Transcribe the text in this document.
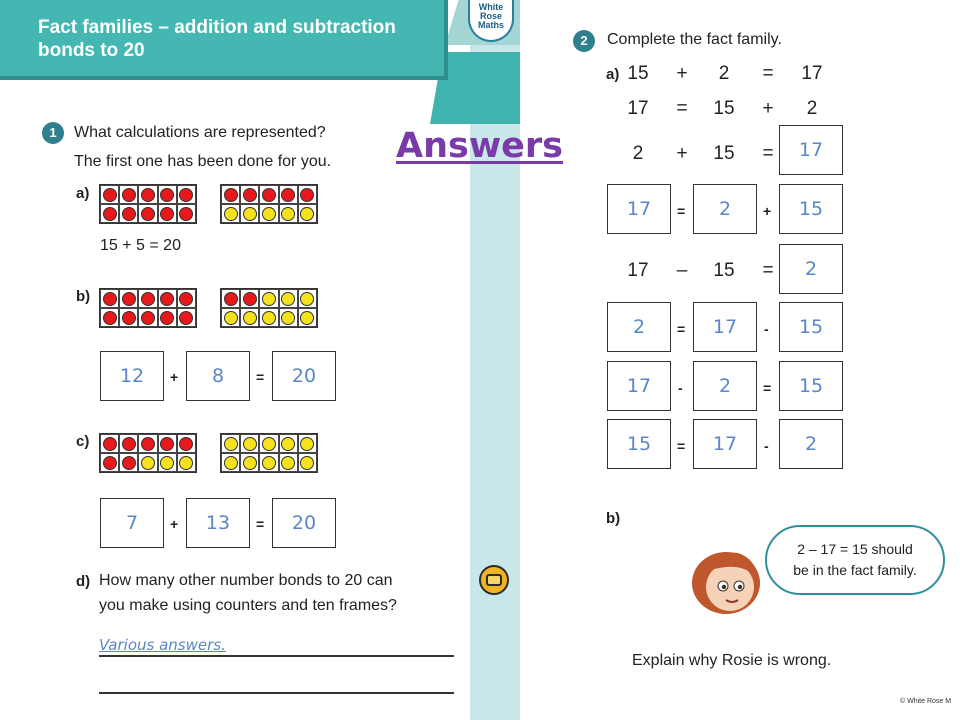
Fact families – addition and subtraction bonds to 20
White
Rose
Maths
1	What calculations are represented?
The first one has been done for you.
a)
15 + 5 = 20
b)
12	+	8	=	20
c)
7	+	13	=	20
d) How many other number bonds to 20 can
you make using counters and ten frames?
Various answers.
Answers
2	Complete the fact family.
a) 15	+	2	=	17
17	=	15	+	2
2	+	15	=	17
17	=	2	+	15
17	–	15	=	2
2	=	17	-	15
17	-	2	=	15
15	=	17	-	2
b)
2 – 17 = 15 should
be in the fact family.
Explain why Rosie is wrong.
© White Rose M
